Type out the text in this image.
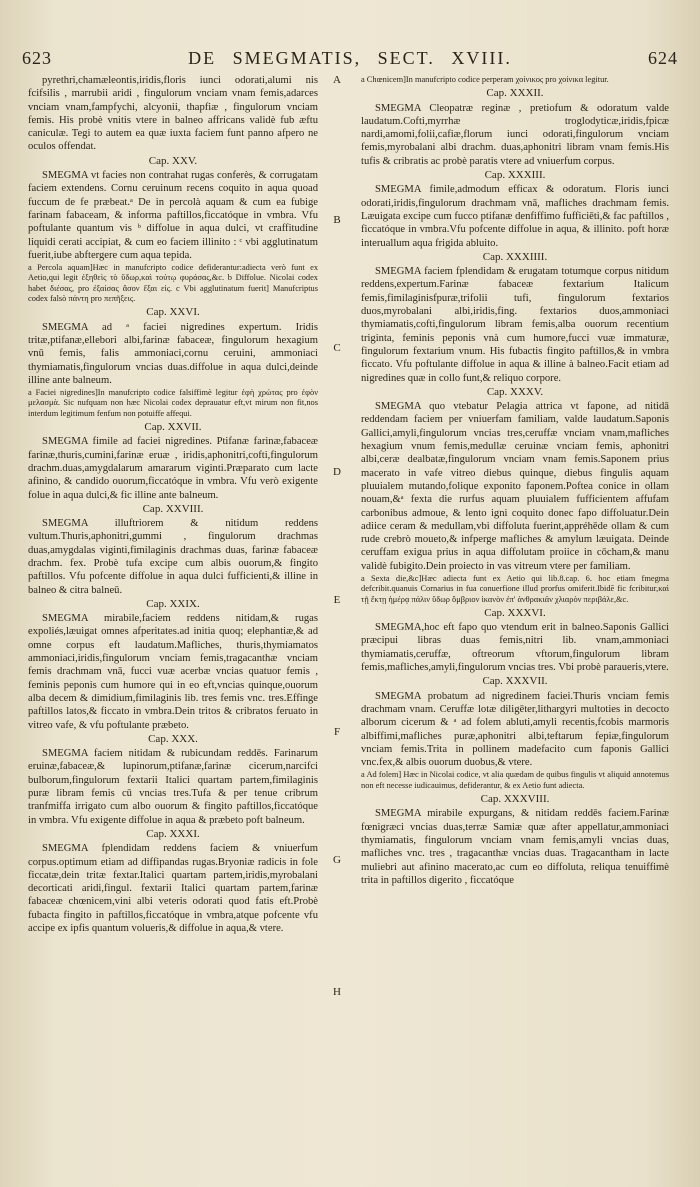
623	DE SMEGMATIS, SECT. XVIII.	624

pyrethri,chamæleontis,iridis,floris iunci odorati,alumi nis fcifsilis , marrubii aridi , fingulorum vnciam vnam femis,adarces vnciam vnam,fampfychi, alcyonii, thapfiæ , fingulorum vnciam femis. His probè vnitis vtere in balneo affricans validè fub æftu caniculæ. Tegi to autem ea quæ iuxta faciem funt panno afpero ne oculos offendat.

Cap. XXV.

SMEGMA vt facies non contrahat rugas conferès, & corrugatam faciem extendens. Cornu ceruinum recens coquito in aqua quoad fuccum de fe præbeat.ᵃ De in percolà aquam & cum ea fubige farinam fabaceam, & informa paftillos,ficcatóque in vmbra. Vfu poftulante quantum vis ᵇ diffolue in aqua dulci, vt craffitudine liquidi cerati accipiat, & cum eo faciem illinito : ᶜ vbi agglutinatum fuerit,iube abftergere cum aqua tepida.

a Percola aquam]Hæc in manufcripto codice defiderantur:adiecta verò funt ex Aetio,qui legit ἐξηθεὶς τὸ ὕδωρ,καὶ τούτῳ φυράσας,&c. b Diffolue. Nicolai codex habet διέσας, pro ἐξαίσας ἄσον ἔξαι εἰς. c Vbi agglutinatum fuerit] Manufcriptus codex falsò πάντη pro πεπῆξεις.

Cap. XXVI.

SMEGMA ad ᵃ faciei nigredines expertum. Iridis tritæ,ptifanæ,ellebori albi,farinæ fabaceæ, fingulorum hexagium vnū femis, falis ammoniaci,cornu ceruini, ammoniaci thymiamatis,fingulorum vncias duas.diffolue in aqua dulci,deinde illine ante balneum.

a Faciei nigredines]In manufcripto codice falsiffimè legitur ἐφὴ χρώτας pro ἐφὸν μελασμὰ. Sic nufquam non hæc Nicolai codex deprauatur eft,vt mirum non fit,nos interdum legitimum fenfum non potuiffe affequi.

Cap. XXVII.

SMEGMA fimile ad faciei nigredines. Ptifanæ farinæ,fabaceæ farinæ,thuris,cumini,farinæ eruæ , iridis,aphonitri,cofti,fingulorum drachm.duas,amygdalarum amararum viginti.Præparato cum lacte afinino, & candido ouorum,ficcatóque in vmbra. Vfu verò exigente folue in aqua dulci,& fic illine ante balneum.

Cap. XXVIII.

SMEGMA illuftriorem & nitidum reddens vultum.Thuris,aphonitri,gummi , fingulorum drachmas duas,amygdalas viginti,fimilaginis drachmas duas, farinæ fabaceæ drachm. fex. Probè tufa excipe cum albis ouorum,& fingito paftillos. Vfu pofcente diffolue in aqua dulci fufficienti,& illine in balneo & citra balneū.

Cap. XXIX.

SMEGMA mirabile,faciem reddens nitidam,& rugas expoliés,læuigat omnes afperitates.ad initia quoq; elephantiæ,& ad omne corpus eft laudatum.Mafliches, thuris,thymiamatos ammoniaci,iridis,fingulorum vnciam femis,tragacanthæ vnciam femis drachmam vnā, fucci vuæ acerbæ vncias quatuor femis , feminis peponis cum humore qui in eo eft,vncias quinque,ouorum alba decem & dimidium,fimilaginis lib. tres femis vnc. tres.Effinge paftillos latos,& ficcato in vmbra.Dein tritos & cribratos feruato in vitreo vafe, & vfu poftulante præbeto.

Cap. XXX.

SMEGMA faciem nitidam & rubicundam reddēs. Farinarum eruinæ,fabaceæ,& lupinorum,ptifanæ,farinæ cicerum,narcifci bulborum,fingulorum fextarii Italici quartam partem,fimilaginis puræ libram femis cū vncias tres.Tufa & per tenue cribrum tranfmiffa irrigato cum albo ouorum & fingito paftillos,ficcatóque in vmbra. Vfu exigente diffolue in aqua & præbeto poft balneum.

Cap. XXXI.

SMEGMA fplendidam reddens faciem & vniuerfum corpus.optimum etiam ad diffipandas rugas.Bryoniæ radicis in fole ficcatæ,dein tritæ fextar.Italici quartam partem,iridis,myrobalani decorticati aridi,fingul. fextarii Italici quartam partem,farinæ fabaceæ chœnicem,vini albi veteris odorati quod fatis eft.Probè fubacta fingito in paftillos,ficcatóque in vmbra,atque pofcente vfu accipe ex ipfis quantum volueris,& diffolue in aqua,& vtere.

a Chœnicem]In manufcripto codice perperam χοίνικος pro χοίνικα legitur.

Cap. XXXII.

SMEGMA Cleopatræ reginæ , pretiofum & odoratum valde laudatum.Cofti,myrrhæ troglodyticæ,iridis,fpicæ nardi,amomi,folii,cafiæ,florum iunci odorati,fingulorum vnciam femis,myrobalani albi drachm. duas,aphonitri libram vnam femis.His tufis & cribratis ac probè paratis vtere ad vniuerfum corpus.

Cap. XXXIII.

SMEGMA fimile,admodum efficax & odoratum. Floris iunci odorati,iridis,fingulorum drachmam vnā, mafliches drachmam femis. Læuigata excipe cum fucco ptifanæ denfiffimo fufficiēti,& fac paftillos , ficcatóque in vmbra.Vfu pofcente diffolue in aqua, & illinito. poft horæ interuallum aqua frigida abluito.

Cap. XXXIIII.

SMEGMA faciem fplendidam & erugatam totumque corpus nitidum reddens,expertum.Farinæ fabaceæ fextarium Italicum femis,fimilaginisfpuræ,trifolii tufi, fingulorum fextarios duos,myrobalani albi,iridis,fing. fextarios duos,ammoniaci thymiamatis,cofti,fingulorum libram femis,alba ouorum recentium triginta, feminis peponis vnà cum humore,fucci vuæ immaturæ, fingulorum fextarium vnum. His fubactis fingito paftillos,& in vmbra ficcato. Vfu poftulante diffolue in aqua & illine à balneo.Facit etiam ad nigredines quæ in collo funt,& reliquo corpore.

Cap. XXXV.

SMEGMA quo vtebatur Pelagia attrica vt fapone, ad nitidā reddendam faciem per vniuerfam familiam, valde laudatum.Saponis Gallici,amyli,fingulorum vncias tres,ceruffæ vnciam vnam,mafliches hexagium vnum femis,medullæ ceruinæ vnciam femis, aphonitri albi,ceræ dealbatæ,fingulorum vnciam vnam femis.Saponem prius macerato in vafe vitreo diebus quinque, diebus fingulis aquam pluuialem mutando,folique exponito faponem.Poftea conice in ollam nouam,&ᵃ fexta die rurfus aquam pluuialem fufficientem affufam carbonibus admoue, & lento igni coquito donec fapo diffoluatur.Dein adiice ceram & medullam,vbi diffoluta fuerint,appréhēde ollam & cum rude crebrò moueto,& infperge mafliches & amylum læuigata. Deinde ceruffam exigua prius in aqua diffolutam proiice in cōcham,& manu validè fubigito.Dein proiecto in vas vitreum vtere per familiam.

a Sexta die,&c]Hæc adiecta funt ex Aetio qui lib.8.cap. 6. hoc etiam fmegma defcribit.quanuis Cornarius in fua conuerfione illud prorfus omiferit.Ibidē fic fcribitur,καὶ τῇ ἕκτῃ ἡμέρᾳ πάλιν ὕδωρ ὄμβριον ἱκανὸν ἐπ' ἀνθρακιᾶν χλιαρὸν περιβάλε,&c.

Cap. XXXVI.

SMEGMA,hoc eft fapo quo vtendum erit in balneo.Saponis Gallici præcipui libras duas femis,nitri lib. vnam,ammoniaci thymiamatis,ceruffæ, oftreorum vftorum,fingulorum libram femis,mafliches,amyli,fingulorum vncias tres. Vbi probè paraueris,vtere.

Cap. XXXVII.

SMEGMA probatum ad nigredinem faciei.Thuris vnciam femis drachmam vnam. Ceruffæ lotæ diligēter,lithargyri multoties in decocto alborum cicerum & ᵃ ad folem abluti,amyli recentis,fcobis marmoris albiffimi,mafliches puræ,aphonitri albi,teftarum fepiæ,fingulorum vnciam femis.Trita in pollinem madefacito cum faponis Gallici vnc.fex,& albis ouorum duobus,& vtere.

a Ad folem] Hæc in Nicolai codice, vt alia quædam de quibus fingulis vt aliquid annotemus non eft necesse iudicauimus, defiderantur, & ex Aetio funt adiecta.

Cap. XXXVIII.

SMEGMA mirabile expurgans, & nitidam reddēs faciem.Farinæ fœnigræci vncias duas,terræ Samiæ quæ after appellatur,ammoniaci thymiamatis, fingulorum vnciam vnam femis,amyli vncias duas, mafliches vnc. tres , tragacanthæ vncias duas. Tragacantham in lacte muliebri aut afinino macerato,ac cum eo diffoluta, reliqua tenuiffimè trita in paftillos digerito , ficcatóque

A
B
C
D
E
F
G
H
